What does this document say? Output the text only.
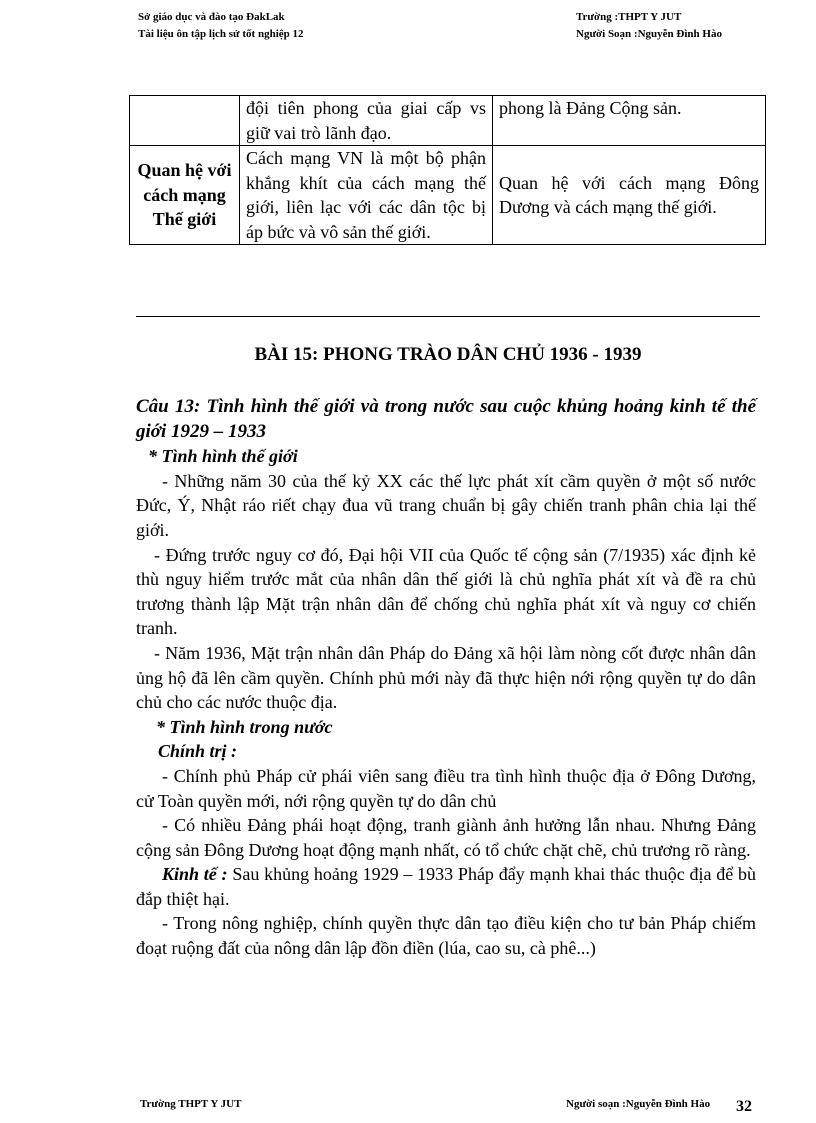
Sở giáo dục và đào tạo ĐakLak
Tài liệu ôn tập lịch sử tốt nghiệp 12
Trường :THPT Y JUT
Người Soạn :Nguyễn Đình Hào
	đội tiên phong của giai cấp vs giữ vai trò lãnh đạo.	phong là Đảng Cộng sản.
Quan hệ với cách mạng Thế giới	Cách mạng VN là một bộ phận khắng khít của cách mạng thế giới, liên lạc với các dân tộc bị áp bức và vô sản thế giới.	Quan hệ với cách mạng Đông Dương và cách mạng thế giới.
BÀI 15: PHONG TRÀO DÂN CHỦ 1936 - 1939

Câu 13: Tình hình thế giới và trong nước sau cuộc khủng hoảng kinh tế thế giới 1929 – 1933

* Tình hình thế giới

- Những năm 30 của thế kỷ XX các thế lực phát xít cầm quyền ở một số nước Đức, Ý, Nhật ráo riết chạy đua vũ trang chuẩn bị gây chiến tranh phân chia lại thế giới.

- Đứng trước nguy cơ đó, Đại hội VII của Quốc tế cộng sản (7/1935) xác định kẻ thù nguy hiểm trước mắt của nhân dân thế giới là chủ nghĩa phát xít và đề ra chủ trương thành lập Mặt trận nhân dân để chống chủ nghĩa phát xít và nguy cơ chiến tranh.

- Năm 1936, Mặt trận nhân dân Pháp do Đảng xã hội làm nòng cốt được nhân dân ủng hộ đã lên cầm quyền. Chính phủ mới này đã thực hiện nới rộng quyền tự do dân chủ cho các nước thuộc địa.

* Tình hình trong nước

Chính trị :

- Chính phủ Pháp cử phái viên sang điều tra tình hình thuộc địa ở Đông Dương, cử Toàn quyền mới, nới rộng quyền tự do dân chủ

- Có nhiều Đảng phái hoạt động, tranh giành ảnh hưởng lẫn nhau. Nhưng Đảng cộng sản Đông Dương hoạt động mạnh nhất, có tổ chức chặt chẽ, chủ trương rõ ràng.

Kinh tế : Sau khủng hoảng 1929 – 1933 Pháp đẩy mạnh khai thác thuộc địa để bù đắp thiệt hại.

- Trong nông nghiệp, chính quyền thực dân tạo điều kiện cho tư bản Pháp chiếm đoạt ruộng đất của nông dân lập đồn điền (lúa, cao su, cà phê...)

Trường THPT Y JUT	Người soạn :Nguyễn Đình Hào 32
